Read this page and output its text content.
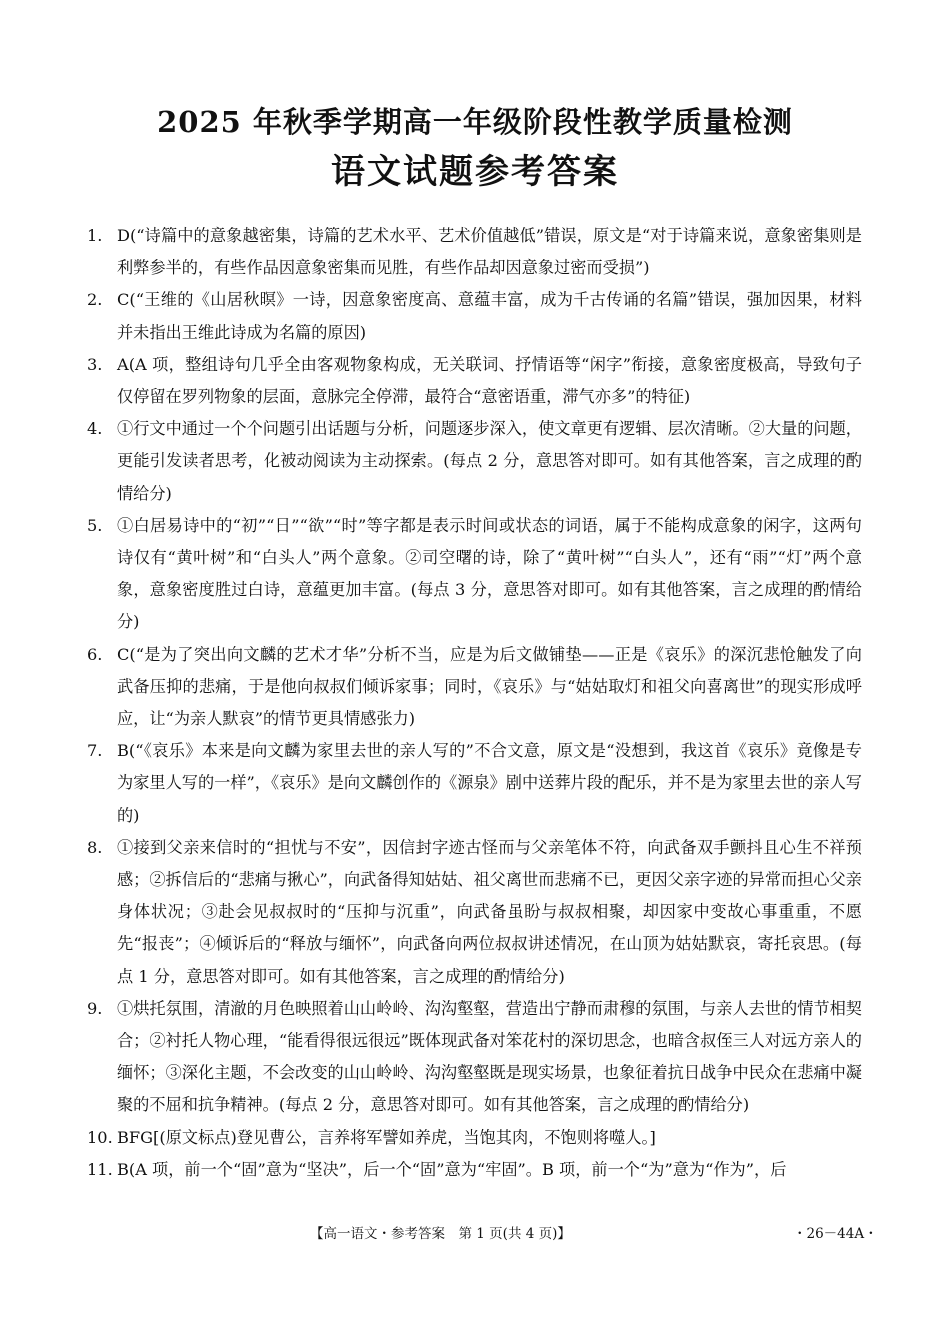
2025 年秋季学期高一年级阶段性教学质量检测
语文试题参考答案
1. D(“诗篇中的意象越密集，诗篇的艺术水平、艺术价值越低”错误，原文是“对于诗篇来说，意象密集则是利弊参半的，有些作品因意象密集而见胜，有些作品却因意象过密而受损”)
2. C(“王维的《山居秋暝》一诗，因意象密度高、意蕴丰富，成为千古传诵的名篇”错误，强加因果，材料并未指出王维此诗成为名篇的原因)
3. A(A 项，整组诗句几乎全由客观物象构成，无关联词、抒情语等“闲字”衔接，意象密度极高，导致句子仅停留在罗列物象的层面，意脉完全停滞，最符合“意密语重，滞气亦多”的特征)
4. ①行文中通过一个个问题引出话题与分析，问题逐步深入，使文章更有逻辑、层次清晰。②大量的问题，更能引发读者思考，化被动阅读为主动探索。(每点 2 分，意思答对即可。如有其他答案，言之成理的酌情给分)
5. ①白居易诗中的“初”“日”“欲”“时”等字都是表示时间或状态的词语，属于不能构成意象的闲字，这两句诗仅有“黄叶树”和“白头人”两个意象。②司空曙的诗，除了“黄叶树”“白头人”，还有“雨”“灯”两个意象，意象密度胜过白诗，意蕴更加丰富。(每点 3 分，意思答对即可。如有其他答案，言之成理的酌情给分)
6. C(“是为了突出向文麟的艺术才华”分析不当，应是为后文做铺垫——正是《哀乐》的深沉悲怆触发了向武备压抑的悲痛，于是他向叔叔们倾诉家事；同时，《哀乐》与“姑姑取灯和祖父向喜离世”的现实形成呼应，让“为亲人默哀”的情节更具情感张力)
7. B(“《哀乐》本来是向文麟为家里去世的亲人写的”不合文意，原文是“没想到，我这首《哀乐》竟像是专为家里人写的一样”，《哀乐》是向文麟创作的《源泉》剧中送葬片段的配乐，并不是为家里去世的亲人写的)
8. ①接到父亲来信时的“担忧与不安”，因信封字迹古怪而与父亲笔体不符，向武备双手颤抖且心生不祥预感；②拆信后的“悲痛与揪心”，向武备得知姑姑、祖父离世而悲痛不已，更因父亲字迹的异常而担心父亲身体状况；③赴会见叔叔时的“压抑与沉重”，向武备虽盼与叔叔相聚，却因家中变故心事重重，不愿先“报丧”；④倾诉后的“释放与缅怀”，向武备向两位叔叔讲述情况，在山顶为姑姑默哀，寄托哀思。(每点 1 分，意思答对即可。如有其他答案，言之成理的酌情给分)
9. ①烘托氛围，清澈的月色映照着山山岭岭、沟沟壑壑，营造出宁静而肃穆的氛围，与亲人去世的情节相契合；②衬托人物心理，“能看得很远很远”既体现武备对笨花村的深切思念，也暗含叔侄三人对远方亲人的缅怀；③深化主题，不会改变的山山岭岭、沟沟壑壑既是现实场景，也象征着抗日战争中民众在悲痛中凝聚的不屈和抗争精神。(每点 2 分，意思答对即可。如有其他答案，言之成理的酌情给分)
10. BFG[(原文标点)登见曹公，言养将军譬如养虎，当饱其肉，不饱则将噬人。]
11. B(A 项，前一个“固”意为“坚决”，后一个“固”意为“牢固”。B 项，前一个“为”意为“作为”，后
【高一语文・参考答案　第 1 页(共 4 页)】	・26－44A・
